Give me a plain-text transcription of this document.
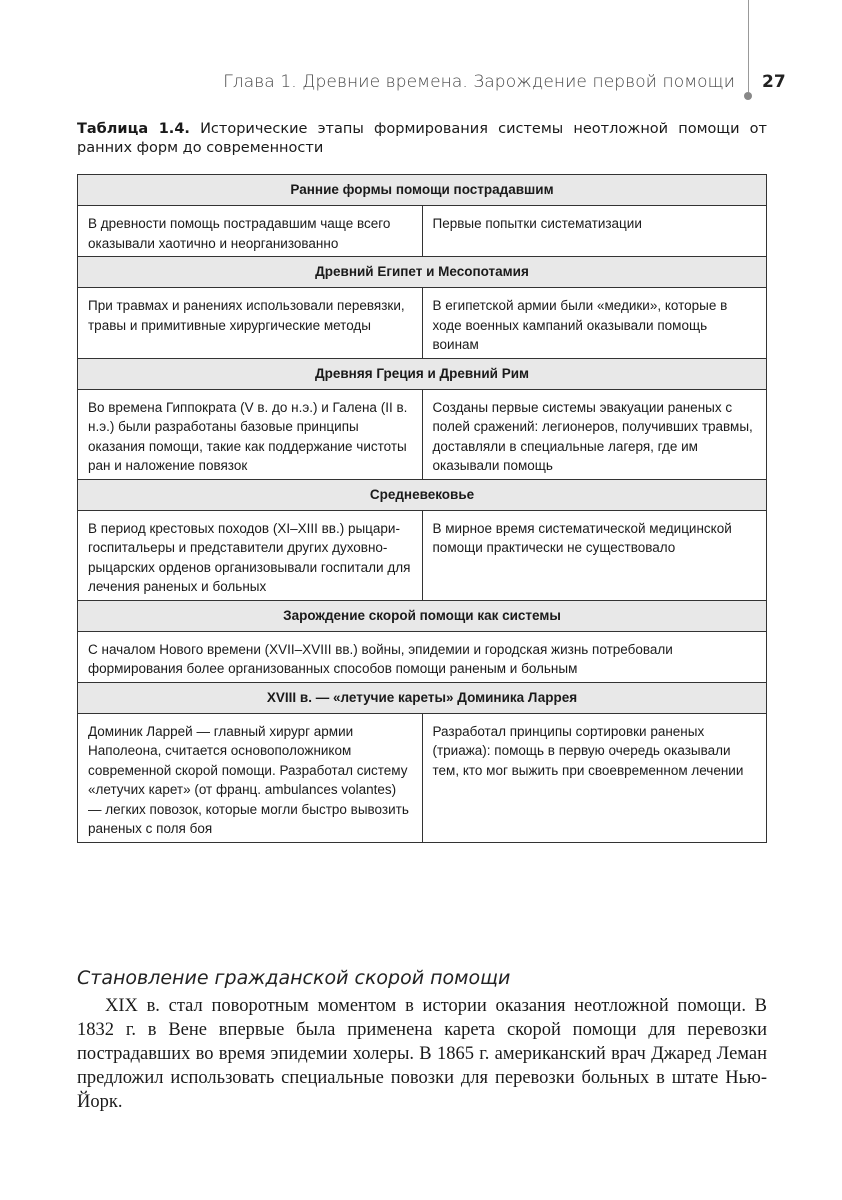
Глава 1. Древние времена. Зарождение первой помощи 27
Таблица 1.4. Исторические этапы формирования системы неотложной помощи от ранних форм до современности
Ранние формы помощи пострадавшим	
В древности помощь пострадавшим чаще всего оказывали хаотично и неорганизованно	Первые попытки систематизации
Древний Египет и Месопотамия	
При травмах и ранениях использовали перевязки, травы и примитивные хирургические методы	В египетской армии были «медики», которые в ходе военных кампаний оказывали помощь воинам
Древняя Греция и Древний Рим	
Во времена Гиппократа (V в. до н.э.) и Галена (II в. н.э.) были разработаны базовые принципы оказания помощи, такие как поддержание чистоты ран и наложение повязок	Созданы первые системы эвакуации раненых с полей сражений: легионеров, получивших травмы, доставляли в специальные лагеря, где им оказывали помощь
Средневековье	
В период крестовых походов (XI–XIII вв.) рыцари-госпитальеры и представители других духовно-рыцарских орденов организовывали госпитали для лечения раненых и больных	В мирное время систематической медицинской помощи практически не существовало
Зарождение скорой помощи как системы	
С началом Нового времени (XVII–XVIII вв.) войны, эпидемии и городская жизнь потребовали формирования более организованных способов помощи раненым и больным	
XVIII в. — «летучие кареты» Доминика Ларрея	
Доминик Ларрей — главный хирург армии Наполеона, считается основоположником современной скорой помощи. Разработал систему «летучих карет» (от франц. ambulances volantes) — легких повозок, которые могли быстро вывозить раненых с поля боя	Разработал принципы сортировки раненых (триажа): помощь в первую очередь оказывали тем, кто мог выжить при своевременном лечении
Становление гражданской скорой помощи
XIX в. стал поворотным моментом в истории оказания неотложной помощи. В 1832 г. в Вене впервые была применена карета скорой помощи для перевозки пострадавших во время эпидемии холеры. В 1865 г. американский врач Джаред Леман предложил использовать специальные повозки для перевозки больных в штате Нью-Йорк.
